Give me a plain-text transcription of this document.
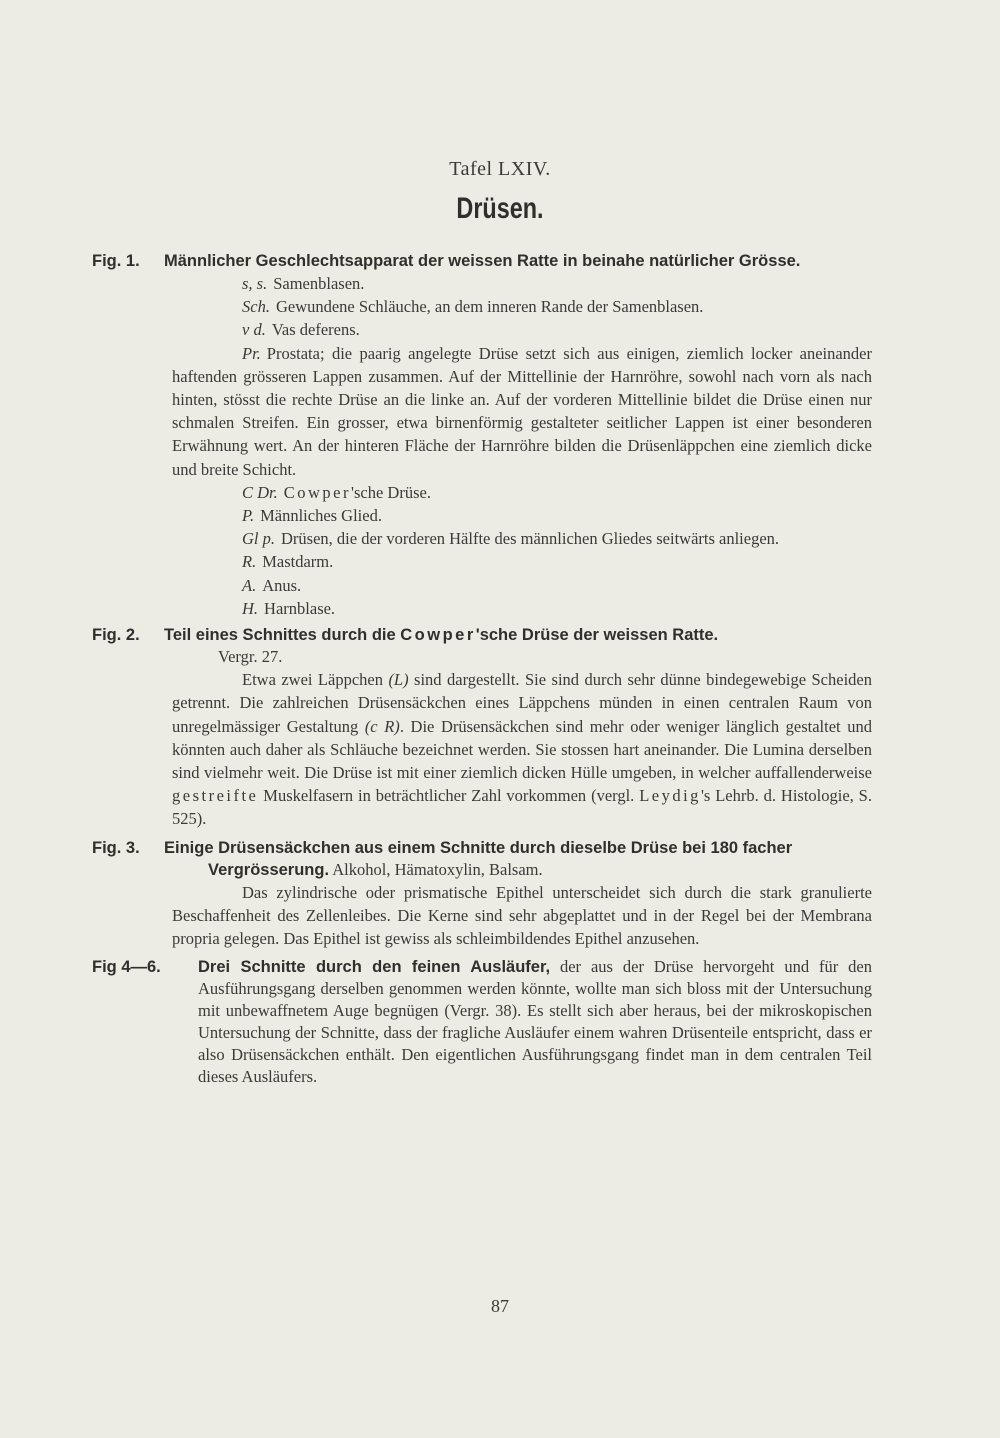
Tafel LXIV.
Drüsen.
Fig. 1.	Männlicher Geschlechtsapparat der weissen Ratte in beinahe natürlicher Grösse.
s, s. Samenblasen.
Sch. Gewundene Schläuche, an dem inneren Rande der Samenblasen.
v d. Vas deferens.
Pr. Prostata; die paarig angelegte Drüse setzt sich aus einigen, ziemlich locker aneinander haftenden grösseren Lappen zusammen. Auf der Mittellinie der Harnröhre, sowohl nach vorn als nach hinten, stösst die rechte Drüse an die linke an. Auf der vorderen Mittellinie bildet die Drüse einen nur schmalen Streifen. Ein grosser, etwa birnenförmig gestalteter seitlicher Lappen ist einer besonderen Erwähnung wert. An der hinteren Fläche der Harnröhre bilden die Drüsenläppchen eine ziemlich dicke und breite Schicht.
C Dr. Cowper'sche Drüse.
P. Männliches Glied.
Gl p. Drüsen, die der vorderen Hälfte des männlichen Gliedes seitwärts anliegen.
R. Mastdarm.
A. Anus.
H. Harnblase.
Fig. 2.	Teil eines Schnittes durch die Cowper'sche Drüse der weissen Ratte.
Vergr. 27.
Etwa zwei Läppchen (L) sind dargestellt. Sie sind durch sehr dünne bindegewebige Scheiden getrennt. Die zahlreichen Drüsensäckchen eines Läppchens münden in einen centralen Raum von unregelmässiger Gestaltung (c R). Die Drüsensäckchen sind mehr oder weniger länglich gestaltet und könnten auch daher als Schläuche bezeichnet werden. Sie stossen hart aneinander. Die Lumina derselben sind vielmehr weit. Die Drüse ist mit einer ziemlich dicken Hülle umgeben, in welcher auffallenderweise gestreifte Muskelfasern in beträchtlicher Zahl vorkommen (vergl. Leydig's Lehrb. d. Histologie, S. 525).
Fig. 3.	Einige Drüsensäckchen aus einem Schnitte durch dieselbe Drüse bei 180 facher Vergrösserung. Alkohol, Hämatoxylin, Balsam.
Das zylindrische oder prismatische Epithel unterscheidet sich durch die stark granulierte Beschaffenheit des Zellenleibes. Die Kerne sind sehr abgeplattet und in der Regel bei der Membrana propria gelegen. Das Epithel ist gewiss als schleimbildendes Epithel anzusehen.
Fig 4—6.	Drei Schnitte durch den feinen Ausläufer, der aus der Drüse hervorgeht und für den Ausführungsgang derselben genommen werden könnte, wollte man sich bloss mit der Untersuchung mit unbewaffnetem Auge begnügen (Vergr. 38). Es stellt sich aber heraus, bei der mikroskopischen Untersuchung der Schnitte, dass der fragliche Ausläufer einem wahren Drüsenteile entspricht, dass er also Drüsensäckchen enthält. Den eigentlichen Ausführungsgang findet man in dem centralen Teil dieses Ausläufers.
87
